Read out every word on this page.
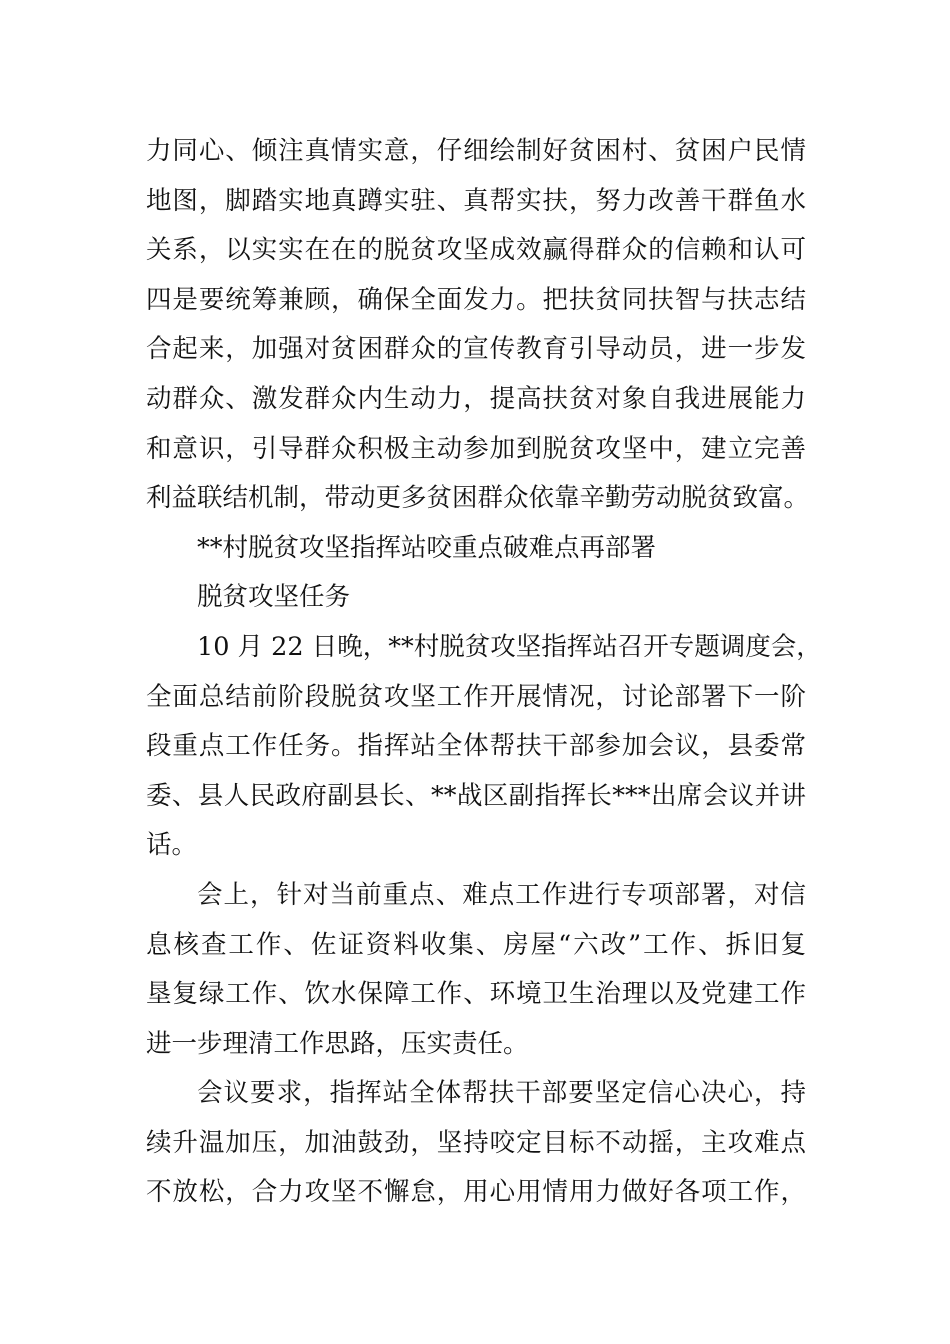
力同心、倾注真情实意，仔细绘制好贫困村、贫困户民情
地图，脚踏实地真蹲实驻、真帮实扶，努力改善干群鱼水
关系，以实实在在的脱贫攻坚成效赢得群众的信赖和认可
四是要统筹兼顾，确保全面发力。把扶贫同扶智与扶志结
合起来，加强对贫困群众的宣传教育引导动员，进一步发
动群众、激发群众内生动力，提高扶贫对象自我进展能力
和意识，引导群众积极主动参加到脱贫攻坚中，建立完善
利益联结机制，带动更多贫困群众依靠辛勤劳动脱贫致富。
**村脱贫攻坚指挥站咬重点破难点再部署
脱贫攻坚任务
10 月 22 日晚，**村脱贫攻坚指挥站召开专题调度会，
全面总结前阶段脱贫攻坚工作开展情况，讨论部署下一阶
段重点工作任务。指挥站全体帮扶干部参加会议，县委常
委、县人民政府副县长、**战区副指挥长***出席会议并讲
话。
会上，针对当前重点、难点工作进行专项部署，对信
息核查工作、佐证资料收集、房屋“六改”工作、拆旧复
垦复绿工作、饮水保障工作、环境卫生治理以及党建工作
进一步理清工作思路，压实责任。
会议要求，指挥站全体帮扶干部要坚定信心决心，持
续升温加压，加油鼓劲，坚持咬定目标不动摇，主攻难点
不放松，合力攻坚不懈怠，用心用情用力做好各项工作，
